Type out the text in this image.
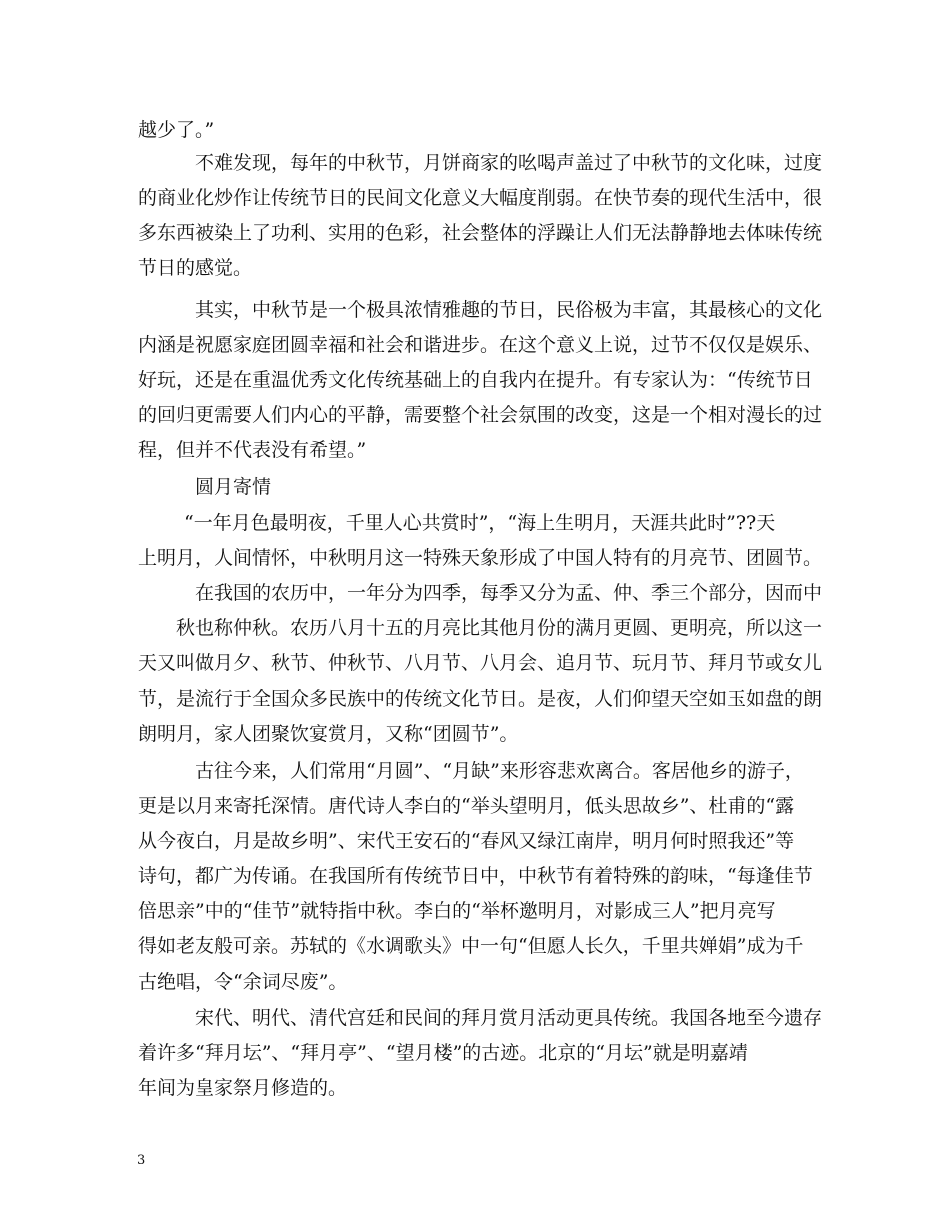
越少了。”

不难发现，每年的中秋节，月饼商家的吆喝声盖过了中秋节的文化味，过度

的商业化炒作让传统节日的民间文化意义大幅度削弱。在快节奏的现代生活中，很

多东西被染上了功利、实用的色彩，社会整体的浮躁让人们无法静静地去体味传统

节日的感觉。

其实，中秋节是一个极具浓情雅趣的节日，民俗极为丰富，其最核心的文化

内涵是祝愿家庭团圆幸福和社会和谐进步。在这个意义上说，过节不仅仅是娱乐、

好玩，还是在重温优秀文化传统基础上的自我内在提升。有专家认为：“传统节日

的回归更需要人们内心的平静，需要整个社会氛围的改变，这是一个相对漫长的过

程，但并不代表没有希望。”

圆月寄情

“一年月色最明夜，千里人心共赏时”，“海上生明月，天涯共此时”??天

上明月，人间情怀，中秋明月这一特殊天象形成了中国人特有的月亮节、团圆节。

在我国的农历中，一年分为四季，每季又分为孟、仲、季三个部分，因而中

秋也称仲秋。农历八月十五的月亮比其他月份的满月更圆、更明亮，所以这一

天又叫做月夕、秋节、仲秋节、八月节、八月会、追月节、玩月节、拜月节或女儿

节，是流行于全国众多民族中的传统文化节日。是夜，人们仰望天空如玉如盘的朗

朗明月，家人团聚饮宴赏月，又称“团圆节”。

古往今来，人们常用“月圆”、“月缺”来形容悲欢离合。客居他乡的游子，

更是以月来寄托深情。唐代诗人李白的“举头望明月，低头思故乡”、杜甫的“露

从今夜白，月是故乡明”、宋代王安石的“春风又绿江南岸，明月何时照我还”等

诗句，都广为传诵。在我国所有传统节日中，中秋节有着特殊的韵味，“每逢佳节

倍思亲”中的“佳节”就特指中秋。李白的“举杯邀明月，对影成三人”把月亮写

得如老友般可亲。苏轼的《水调歌头》中一句“但愿人长久，千里共婵娟”成为千

古绝唱，令“余词尽废”。

宋代、明代、清代宫廷和民间的拜月赏月活动更具传统。我国各地至今遗存

着许多“拜月坛”、“拜月亭”、“望月楼”的古迹。北京的“月坛”就是明嘉靖

年间为皇家祭月修造的。

3
